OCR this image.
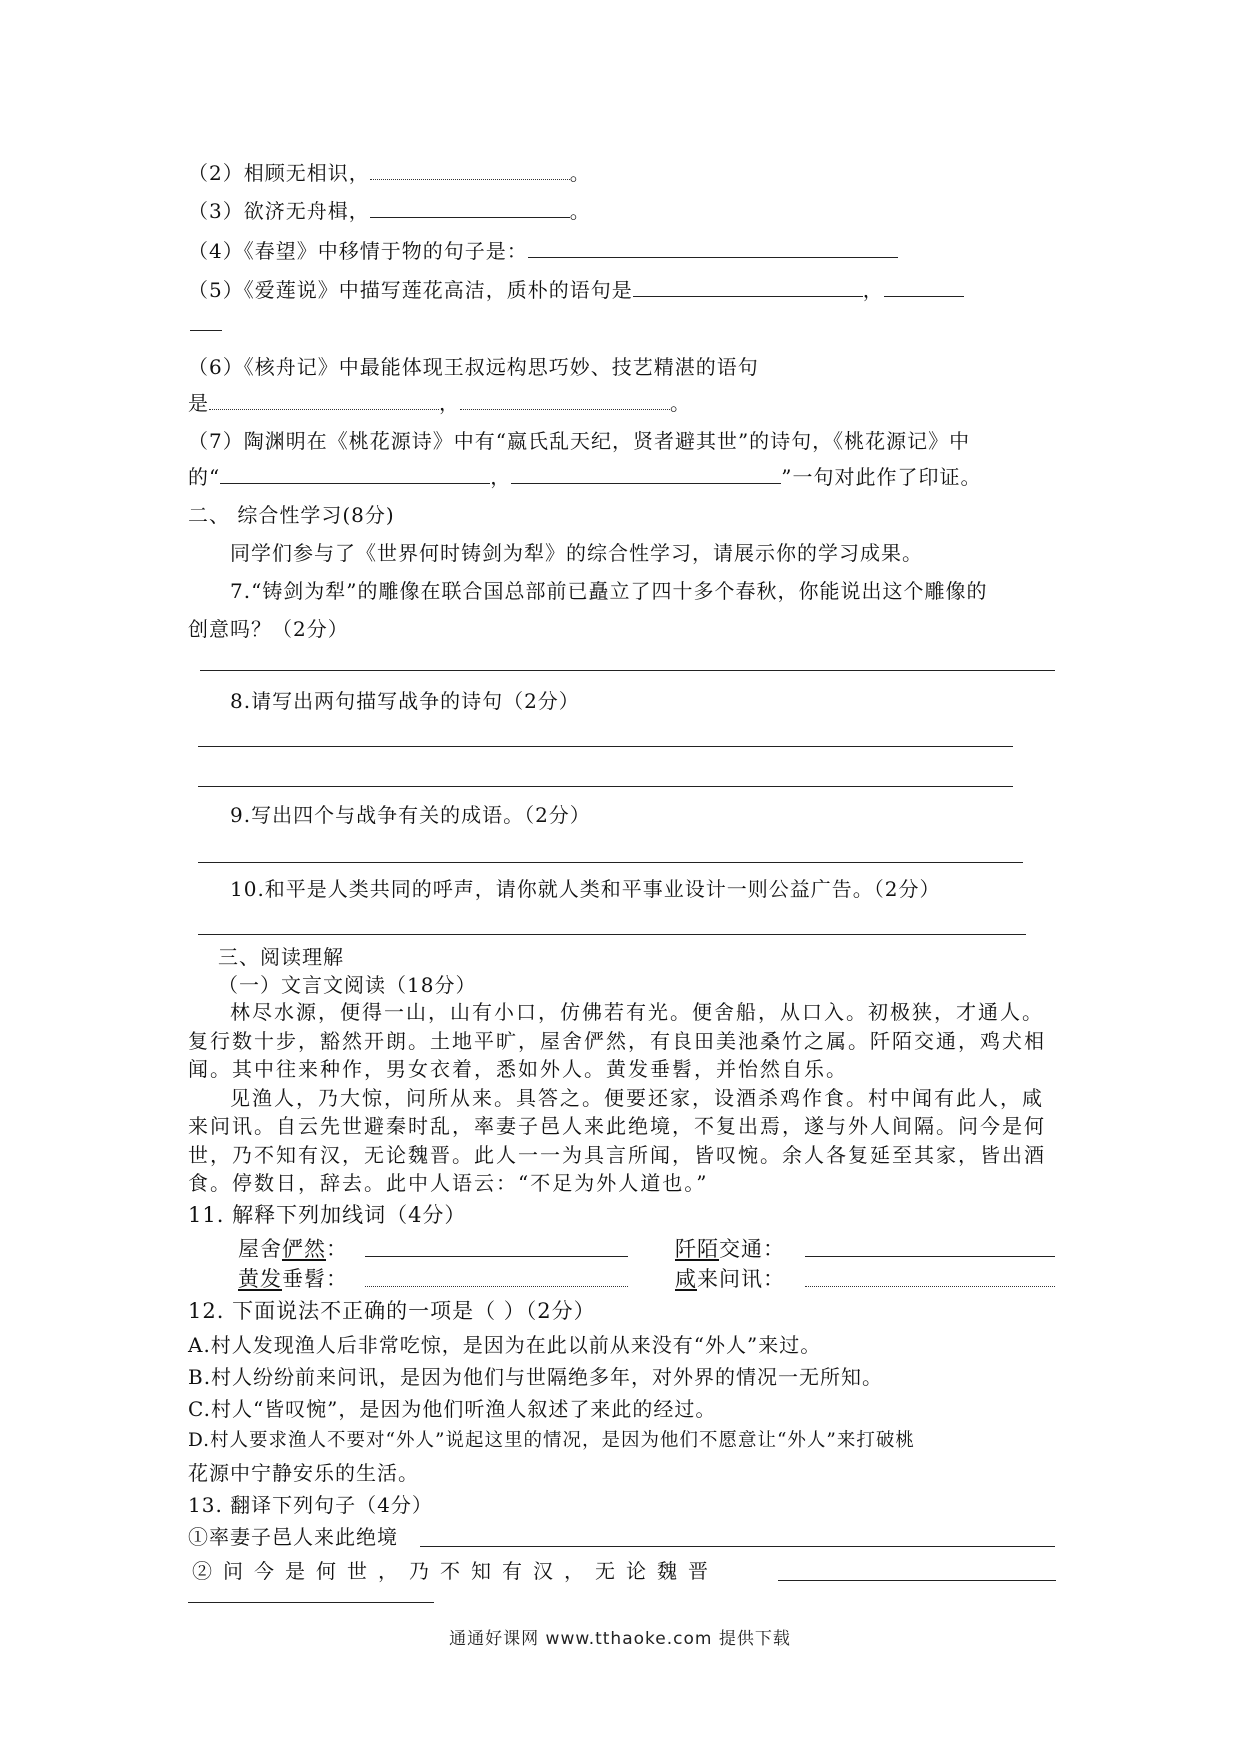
（2）相顾无相识，	。
（3）欲济无舟楫，	。
（4）《春望》中移情于物的句子是：
（5）《爱莲说》中描写莲花高洁，质朴的语句是	，
（6）《核舟记》中最能体现王叔远构思巧妙、技艺精湛的语句
是	，	。
（7）陶渊明在《桃花源诗》中有“嬴氏乱天纪，贤者避其世”的诗句，《桃花源记》中
的“	，	”一句对此作了印证。
二、 综合性学习(8分)
同学们参与了《世界何时铸剑为犁》的综合性学习，请展示你的学习成果。
7.“铸剑为犁”的雕像在联合国总部前已矗立了四十多个春秋，你能说出这个雕像的
创意吗？（2分）
8.请写出两句描写战争的诗句（2分）
9.写出四个与战争有关的成语。（2分）
10.和平是人类共同的呼声，请你就人类和平事业设计一则公益广告。（2分）
三、阅读理解
（一）文言文阅读（18分）

林尽水源，便得一山，山有小口，仿佛若有光。便舍船，从口入。初极狭，才通人。复行数十步，豁然开朗。土地平旷，屋舍俨然，有良田美池桑竹之属。阡陌交通，鸡犬相闻。其中往来种作，男女衣着，悉如外人。黄发垂髫，并怡然自乐。

见渔人，乃大惊，问所从来。具答之。便要还家，设酒杀鸡作食。村中闻有此人，咸来问讯。自云先世避秦时乱，率妻子邑人来此绝境，不复出焉，遂与外人间隔。问今是何世，乃不知有汉，无论魏晋。此人一一为具言所闻，皆叹惋。余人各复延至其家，皆出酒食。停数日，辞去。此中人语云：“不足为外人道也。”

11. 解释下列加线词（4分）
屋舍俨然：	阡陌交通：
黄发垂髫：	咸来问讯：
12. 下面说法不正确的一项是（ ）（2分）
A.村人发现渔人后非常吃惊，是因为在此以前从来没有“外人”来过。
B.村人纷纷前来问讯，是因为他们与世隔绝多年，对外界的情况一无所知。
C.村人“皆叹惋”，是因为他们听渔人叙述了来此的经过。
D.村人要求渔人不要对“外人”说起这里的情况，是因为他们不愿意让“外人”来打破桃
花源中宁静安乐的生活。
13. 翻译下列句子（4分）
①率妻子邑人来此绝境
②问今是何世，乃不知有汉，无论魏晋
通通好课网 www.tthaoke.com 提供下载
